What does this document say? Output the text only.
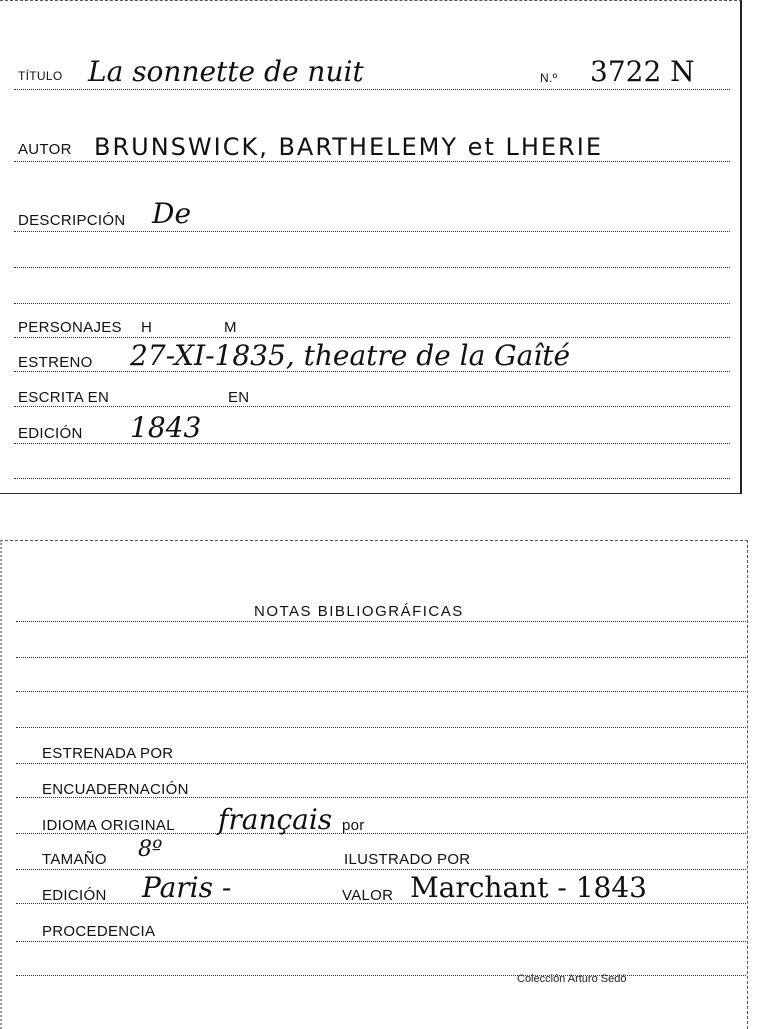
TÍTULO La sonnette de nuit	N.º 3722 N
AUTOR BRUNSWICK, BARTHELEMY et LHERIE
DESCRIPCIÓN De
PERSONAJES H	M
ESTRENO 27-XI-1835, theatre de la Gaîté
ESCRITA EN	EN
EDICIÓN 1843
NOTAS BIBLIOGRÁFICAS
ESTRENADA POR
ENCUADERNACIÓN
IDIOMA ORIGINAL français por
TAMAÑO 8º	ILUSTRADO POR
EDICIÓN Paris -	VALOR Marchant - 1843
PROCEDENCIA
Colección Arturo Sedó
